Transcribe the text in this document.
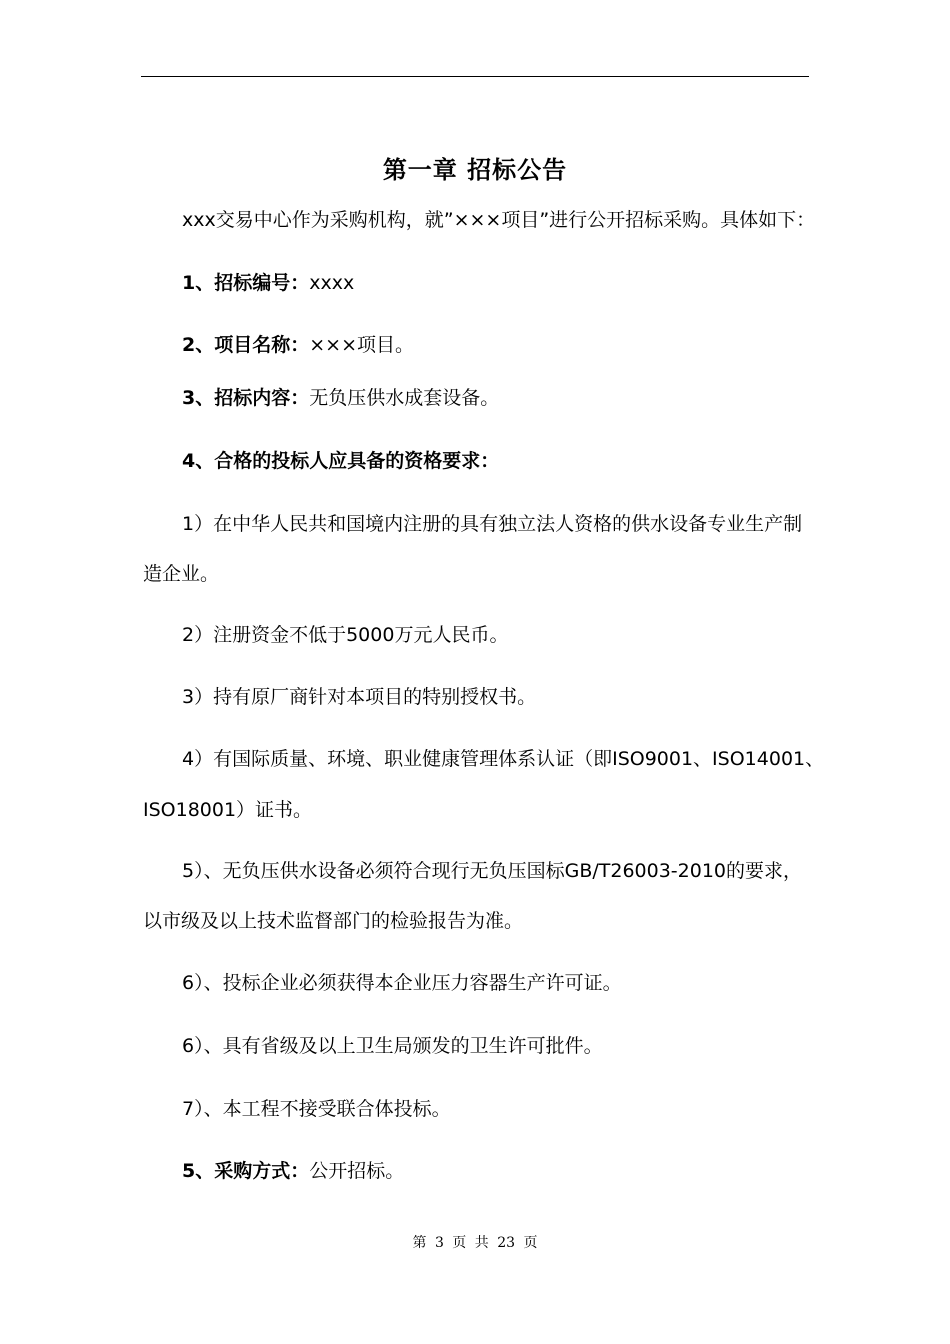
第一章 招标公告
xxx交易中心作为采购机构，就”×××项目”进行公开招标采购。具体如下：
1、招标编号：xxxx
2、项目名称：×××项目。
3、招标内容：无负压供水成套设备。
4、合格的投标人应具备的资格要求：
1）在中华人民共和国境内注册的具有独立法人资格的供水设备专业生产制
造企业。
2）注册资金不低于5000万元人民币。
3）持有原厂商针对本项目的特别授权书。
4）有国际质量、环境、职业健康管理体系认证（即ISO9001、ISO14001、
ISO18001）证书。
5）、无负压供水设备必须符合现行无负压国标GB/T26003-2010的要求，
以市级及以上技术监督部门的检验报告为准。
6）、投标企业必须获得本企业压力容器生产许可证。
6）、具有省级及以上卫生局颁发的卫生许可批件。
7）、本工程不接受联合体投标。
5、采购方式：公开招标。
第 3 页 共 23 页
